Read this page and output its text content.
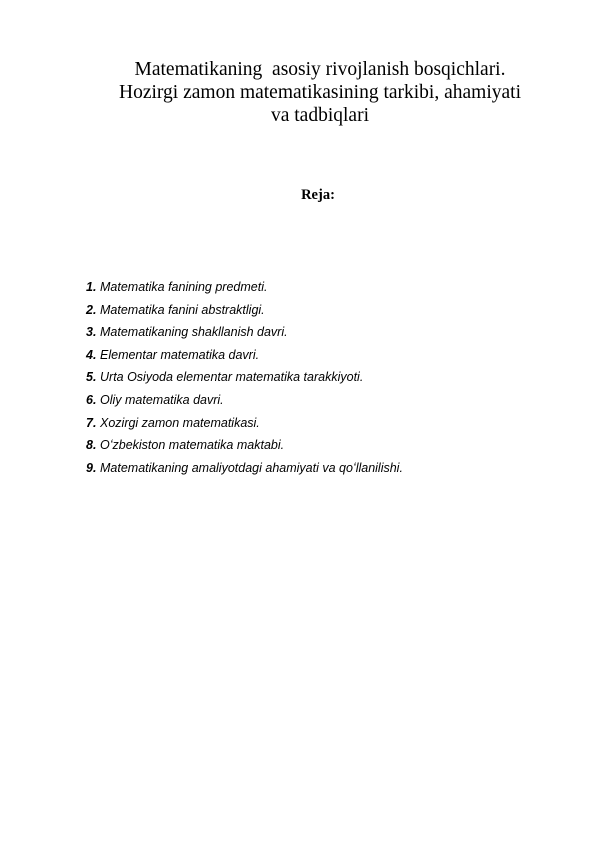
Matematikaning  asosiy rivojlanish bosqichlari.
Hozirgi zamon matematikasining tarkibi, ahamiyati
va tadbiqlari
Reja:
1. Matematika fanining predmeti.
2. Matematika fanini abstraktligi.
3. Matematikaning shakllanish davri.
4. Elementar matematika davri.
5. Urta Osiyoda elementar matematika tarakkiyoti.
6. Oliy matematika davri.
7. Xozirgi zamon matematikasi.
8. Oʻzbekiston matematika maktabi.
9. Matematikaning amaliyotdagi ahamiyati va qoʻllanilishi.
